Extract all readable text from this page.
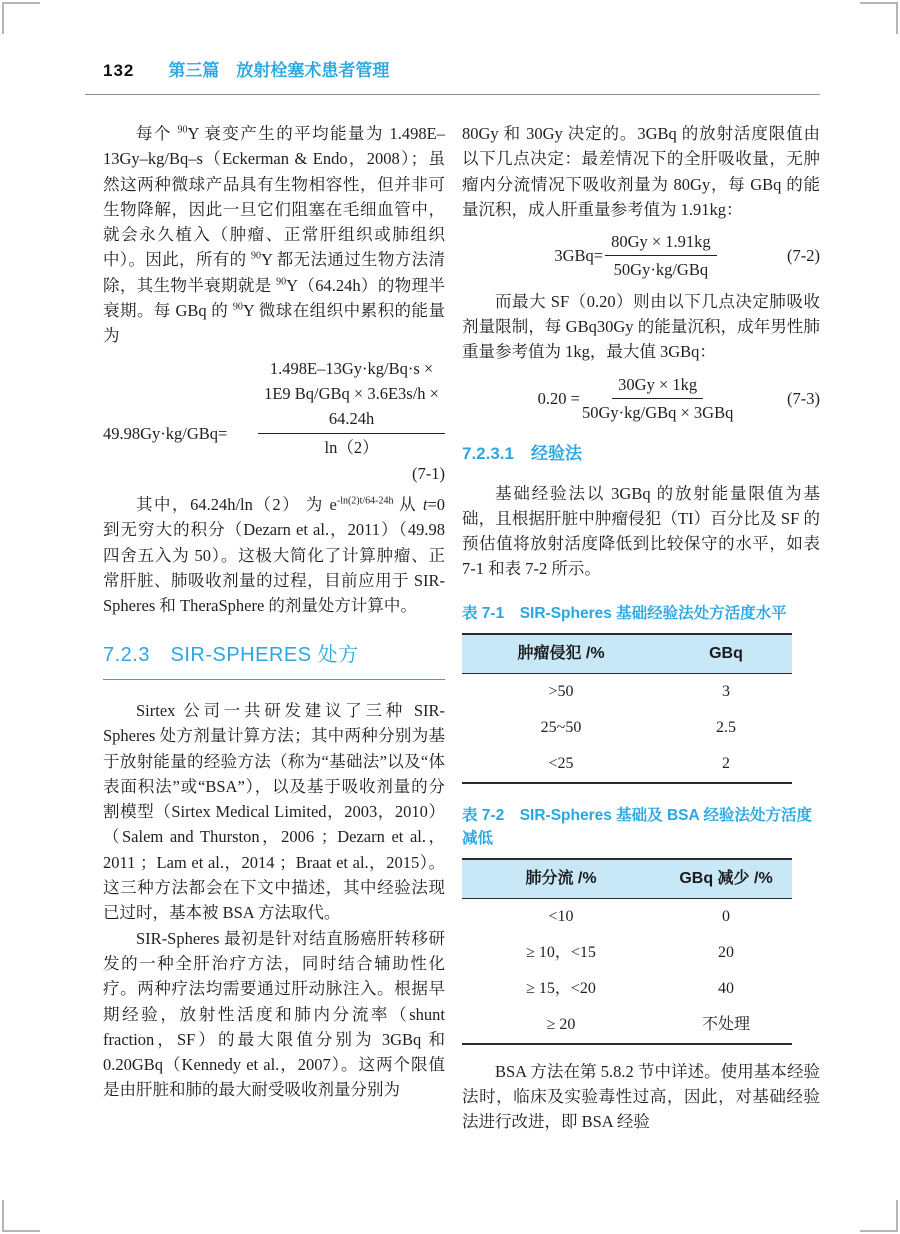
132 第三篇　放射栓塞术患者管理

每个 $^{90}$Y 衰变产生的平均能量为 1.498E–13Gy–kg/Bq–s（Eckerman & Endo，2008）；虽然这两种微球产品具有生物相容性，但并非可生物降解，因此一旦它们阻塞在毛细血管中，就会永久植入（肿瘤、正常肝组织或肺组织中）。因此，所有的 $^{90}$Y 都无法通过生物方法清除，其生物半衰期就是 $^{90}$Y（64.24h）的物理半衰期。每 GBq 的 $^{90}$Y 微球在组织中累积的能量为

49.98Gy·kg/GBq=
1.498E–13Gy·kg/Bq·s ×
1E9 Bq/GBq × 3.6E3s/h ×
64.24h
ln（2）
(7-1)

其中，64.24h/ln（2） 为 $e^{-ln(2)t/64-24h}$ 从 t=0 到无穷大的积分（Dezarn et al.，2011）（49.98 四舍五入为 50）。这极大简化了计算肿瘤、正常肝脏、肺吸收剂量的过程，目前应用于 SIR-Spheres 和 TheraSphere 的剂量处方计算中。

7.2.3　SIR-SPHERES 处方

Sirtex 公司一共研发建议了三种 SIR-Spheres 处方剂量计算方法；其中两种分别为基于放射能量的经验方法（称为“基础法”以及“体表面积法”或“BSA”），以及基于吸收剂量的分割模型（Sirtex Medical Limited，2003，2010）（Salem and Thurston，2006 ；Dezarn et al.，2011 ；Lam et al.，2014 ；Braat et al.，2015）。这三种方法都会在下文中描述，其中经验法现已过时，基本被 BSA 方法取代。

SIR-Spheres 最初是针对结直肠癌肝转移研发的一种全肝治疗方法，同时结合辅助性化疗。两种疗法均需要通过肝动脉注入。根据早期经验，放射性活度和肺内分流率（shunt fraction，SF）的最大限值分别为 3GBq 和 0.20GBq（Kennedy et al.，2007）。这两个限值是由肝脏和肺的最大耐受吸收剂量分别为

80Gy 和 30Gy 决定的。3GBq 的放射活度限值由以下几点决定：最差情况下的全肝吸收量，无肿瘤内分流情况下吸收剂量为 80Gy，每 GBq 的能量沉积，成人肝重量参考值为 1.91kg：

$3GBq= \frac{80Gy \times 1.91kg}{\text{50Gy·kg/GBq}}$	(7-2)

而最大 SF（0.20）则由以下几点决定肺吸收剂量限制，每 GBq30Gy 的能量沉积，成年男性肺重量参考值为 1kg，最大值 3GBq：

$0.20 = \frac{30Gy \times 1kg}{\text{50Gy·kg/GBq × 3GBq}}$	(7-3)
7.2.3.1　经验法

基础经验法以 3GBq 的放射能量限值为基础，且根据肝脏中肿瘤侵犯（TI）百分比及 SF 的预估值将放射活度降低到比较保守的水平，如表 7-1 和表 7-2 所示。

表 7-1　SIR-Spheres 基础经验法处方活度水平
肿瘤侵犯 /%	GBq
>50	3
25~50	2.5
<25	2
表 7-2　SIR-Spheres 基础及 BSA 经验法处方活度减低
肺分流 /%	GBq 减少 /%
<10	0
≥ 10，<15	20
≥ 15，<20	40
≥ 20	不处理

BSA 方法在第 5.8.2 节中详述。使用基本经验法时，临床及实验毒性过高，因此，对基础经验法进行改进，即 BSA 经验
